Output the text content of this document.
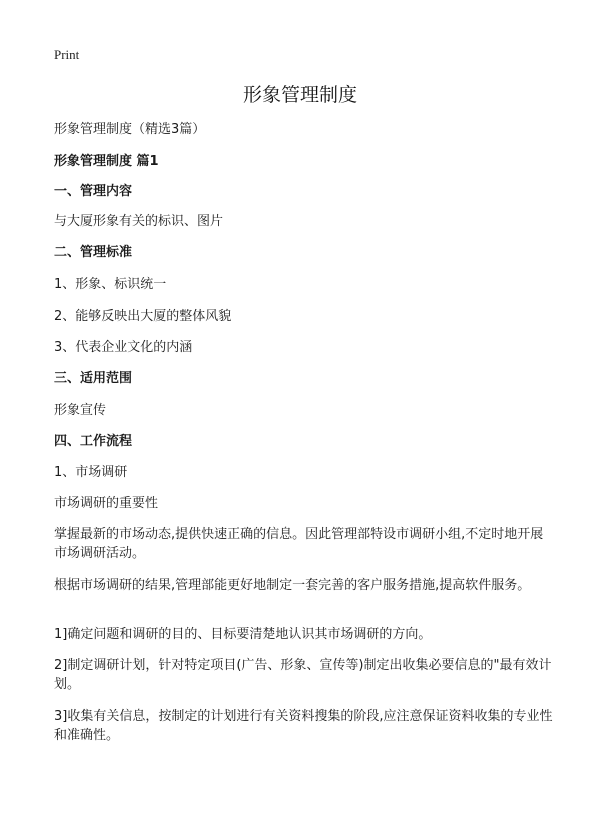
Print
形象管理制度

形象管理制度（精选3篇）

形象管理制度 篇1

一、管理内容

与大厦形象有关的标识、图片

二、管理标准

1、形象、标识统一

2、能够反映出大厦的整体风貌

3、代表企业文化的内涵

三、适用范围

形象宣传

四、工作流程

1、市场调研

市场调研的重要性

掌握最新的市场动态,提供快速正确的信息。因此管理部特设市调研小组,不定时地开展市场调研活动。

根据市场调研的结果,管理部能更好地制定一套完善的客户服务措施,提高软件服务。

1]确定问题和调研的目的、目标要清楚地认识其市场调研的方向。

2]制定调研计划，针对特定项目(广告、形象、宣传等)制定出收集必要信息的"最有效计划。

3]收集有关信息，按制定的计划进行有关资料搜集的阶段,应注意保证资料收集的专业性和准确性。
